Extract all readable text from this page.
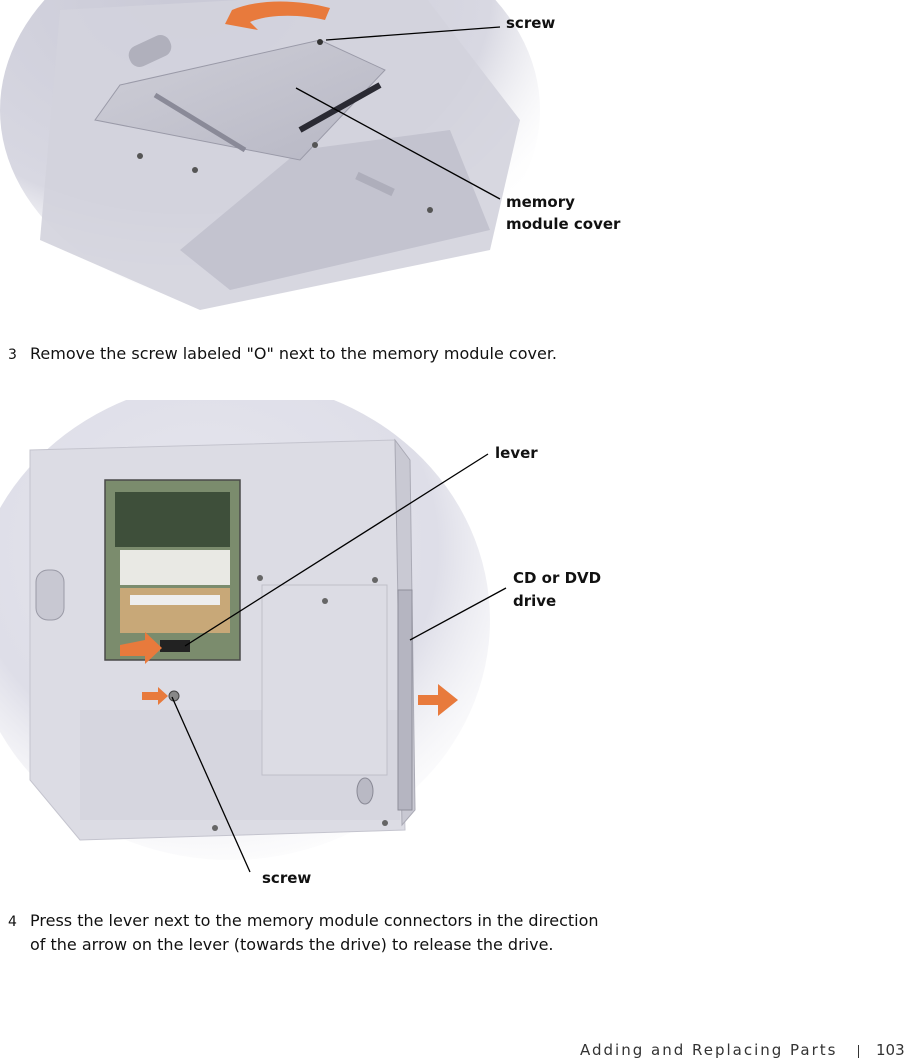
screw
memory
module cover
3 Remove the screw labeled "O" next to the memory module cover.
lever
CD or DVD
drive
screw
4 Press the lever next to the memory module connectors in the direction
of the arrow on the lever (towards the drive) to release the drive.
Adding and Replacing Parts	103
